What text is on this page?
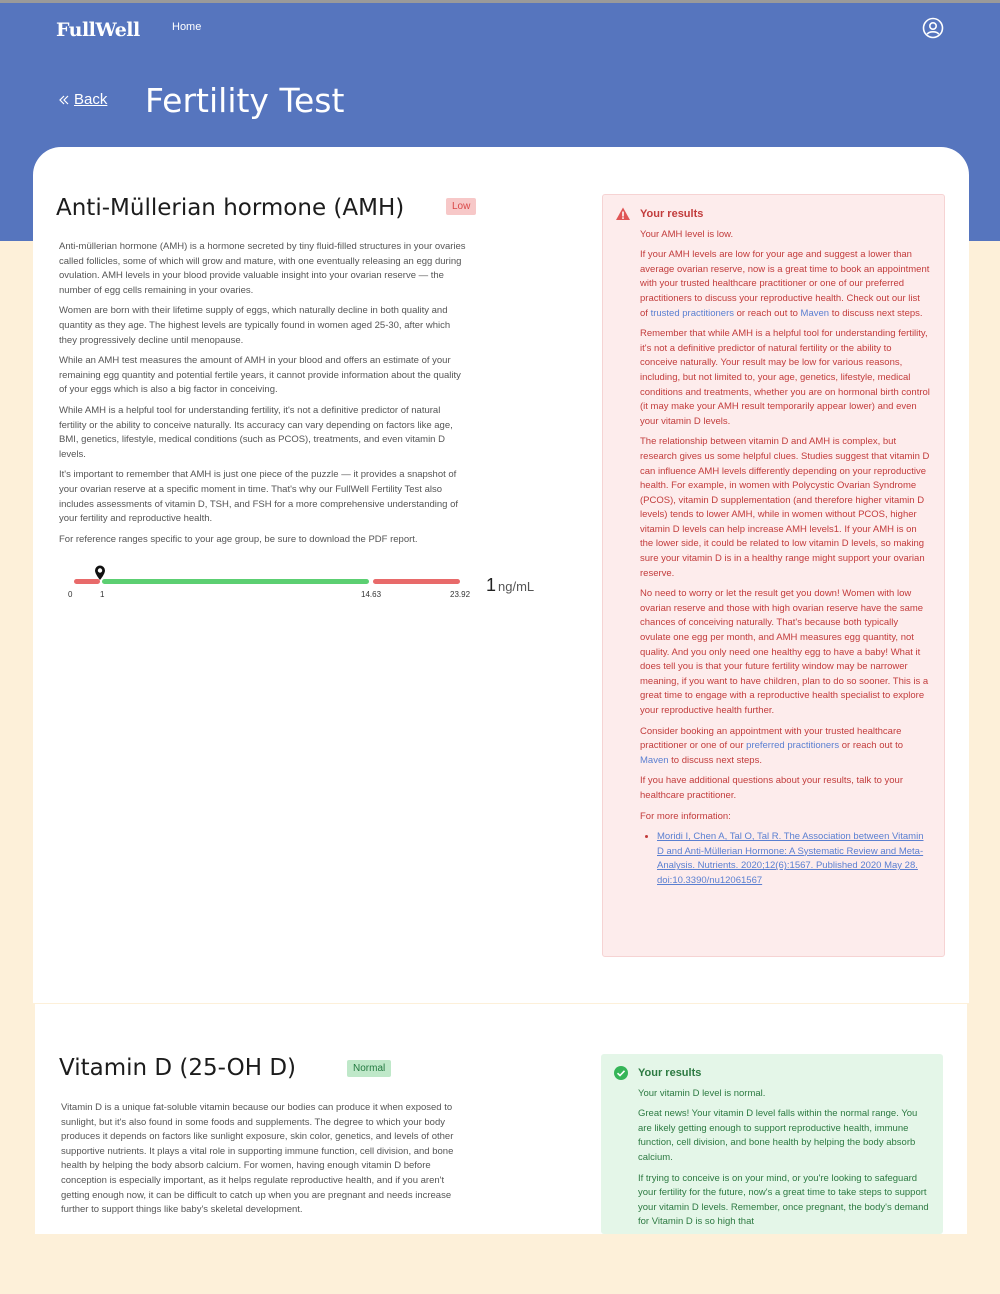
FullWell	Home
Back Fertility Test
Anti-Müllerian hormone (AMH)	Low

Anti-müllerian hormone (AMH) is a hormone secreted by tiny fluid-filled structures in your ovaries called follicles, some of which will grow and mature, with one eventually releasing an egg during ovulation. AMH levels in your blood provide valuable insight into your ovarian reserve — the number of egg cells remaining in your ovaries.

Women are born with their lifetime supply of eggs, which naturally decline in both quality and quantity as they age. The highest levels are typically found in women aged 25-30, after which they progressively decline until menopause.

While an AMH test measures the amount of AMH in your blood and offers an estimate of your remaining egg quantity and potential fertile years, it cannot provide information about the quality of your eggs which is also a big factor in conceiving.

While AMH is a helpful tool for understanding fertility, it's not a definitive predictor of natural fertility or the ability to conceive naturally. Its accuracy can vary depending on factors like age, BMI, genetics, lifestyle, medical conditions (such as PCOS), treatments, and even vitamin D levels.

It's important to remember that AMH is just one piece of the puzzle — it provides a snapshot of your ovarian reserve at a specific moment in time. That's why our FullWell Fertility Test also includes assessments of vitamin D, TSH, and FSH for a more comprehensive understanding of your fertility and reproductive health.

For reference ranges specific to your age group, be sure to download the PDF report.

0	1	14.63	23.92 1 ng/mL
Your results

Your AMH level is low.

If your AMH levels are low for your age and suggest a lower than average ovarian reserve, now is a great time to book an appointment with your trusted healthcare practitioner or one of our preferred practitioners to discuss your reproductive health. Check out our list of trusted practitioners or reach out to Maven to discuss next steps.

Remember that while AMH is a helpful tool for understanding fertility, it's not a definitive predictor of natural fertility or the ability to conceive naturally. Your result may be low for various reasons, including, but not limited to, your age, genetics, lifestyle, medical conditions and treatments, whether you are on hormonal birth control (it may make your AMH result temporarily appear lower) and even your vitamin D levels.

The relationship between vitamin D and AMH is complex, but research gives us some helpful clues. Studies suggest that vitamin D can influence AMH levels differently depending on your reproductive health. For example, in women with Polycystic Ovarian Syndrome (PCOS), vitamin D supplementation (and therefore higher vitamin D levels) tends to lower AMH, while in women without PCOS, higher vitamin D levels can help increase AMH levels1. If your AMH is on the lower side, it could be related to low vitamin D levels, so making sure your vitamin D is in a healthy range might support your ovarian reserve.

No need to worry or let the result get you down! Women with low ovarian reserve and those with high ovarian reserve have the same chances of conceiving naturally. That's because both typically ovulate one egg per month, and AMH measures egg quantity, not quality. And you only need one healthy egg to have a baby! What it does tell you is that your future fertility window may be narrower meaning, if you want to have children, plan to do so sooner. This is a great time to engage with a reproductive health specialist to explore your reproductive health further.

Consider booking an appointment with your trusted healthcare practitioner or one of our preferred practitioners or reach out to Maven to discuss next steps.

If you have additional questions about your results, talk to your healthcare practitioner.

For more information:

• Moridi I, Chen A, Tal O, Tal R. The Association between Vitamin D and Anti-Müllerian Hormone: A Systematic Review and Meta-Analysis. Nutrients. 2020;12(6):1567. Published 2020 May 28. doi:10.3390/nu12061567
Vitamin D (25-OH D)	Normal

Vitamin D is a unique fat-soluble vitamin because our bodies can produce it when exposed to sunlight, but it's also found in some foods and supplements. The degree to which your body produces it depends on factors like sunlight exposure, skin color, genetics, and levels of other supportive nutrients. It plays a vital role in supporting immune function, cell division, and bone health by helping the body absorb calcium. For women, having enough vitamin D before conception is especially important, as it helps regulate reproductive health, and if you aren't getting enough now, it can be difficult to catch up when you are pregnant and needs increase further to support things like baby's skeletal development.

Your results

Your vitamin D level is normal.

Great news! Your vitamin D level falls within the normal range. You are likely getting enough to support reproductive health, immune function, cell division, and bone health by helping the body absorb calcium.

If trying to conceive is on your mind, or you're looking to safeguard your fertility for the future, now's a great time to take steps to support your vitamin D levels. Remember, once pregnant, the body's demand for Vitamin D is so high that
